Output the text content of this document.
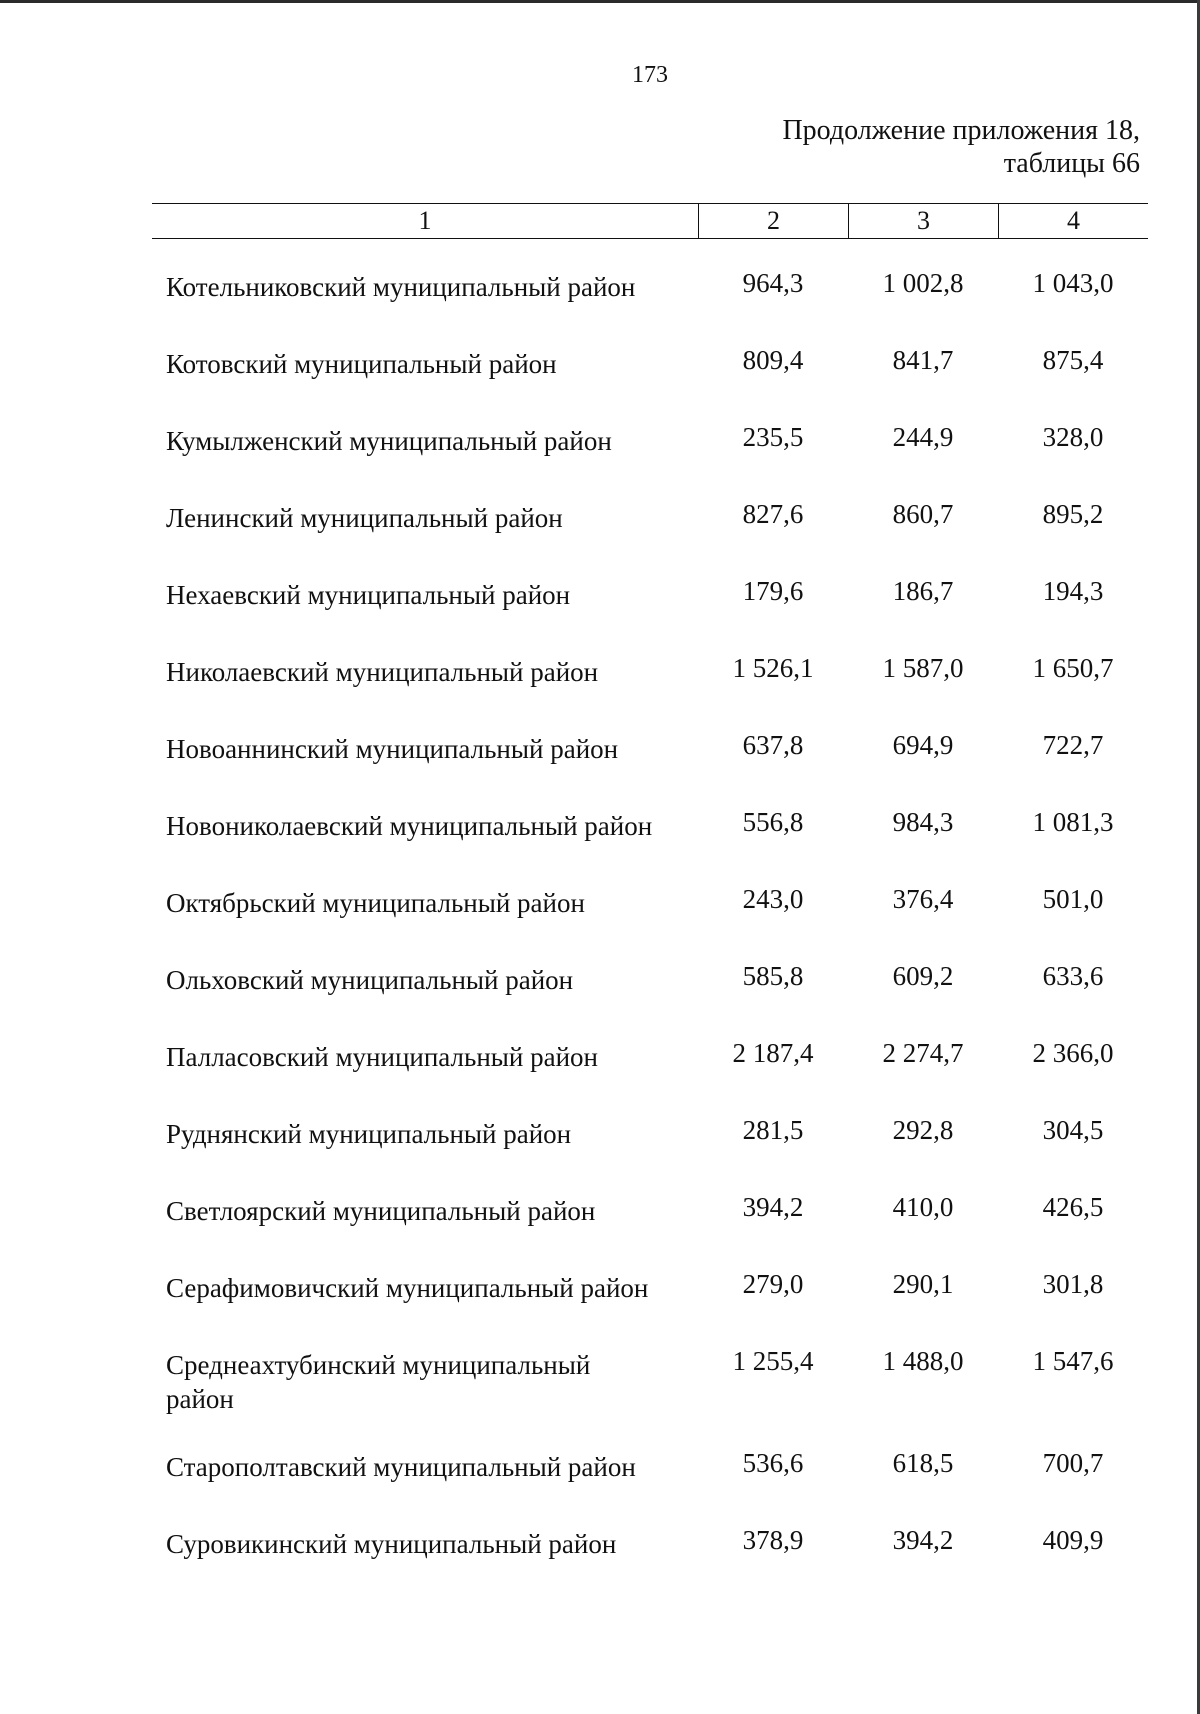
173
Продолжение приложения 18,
таблицы 66
1	2	3	4
Котельниковский муниципальный район	964,3	1 002,8	1 043,0
Котовский муниципальный район	809,4	841,7	875,4
Кумылженский муниципальный район	235,5	244,9	328,0
Ленинский муниципальный район	827,6	860,7	895,2
Нехаевский муниципальный район	179,6	186,7	194,3
Николаевский муниципальный район	1 526,1	1 587,0	1 650,7
Новоаннинский муниципальный район	637,8	694,9	722,7
Новониколаевский муниципальный район	556,8	984,3	1 081,3
Октябрьский муниципальный район	243,0	376,4	501,0
Ольховский муниципальный район	585,8	609,2	633,6
Палласовский муниципальный район	2 187,4	2 274,7	2 366,0
Руднянский муниципальный район	281,5	292,8	304,5
Светлоярский муниципальный район	394,2	410,0	426,5
Серафимовичский муниципальный район	279,0	290,1	301,8
Среднеахтубинский муниципальный
район
1 255,4	1 488,0	1 547,6
Старополтавский муниципальный район	536,6	618,5	700,7
Суровикинский муниципальный район	378,9	394,2	409,9
